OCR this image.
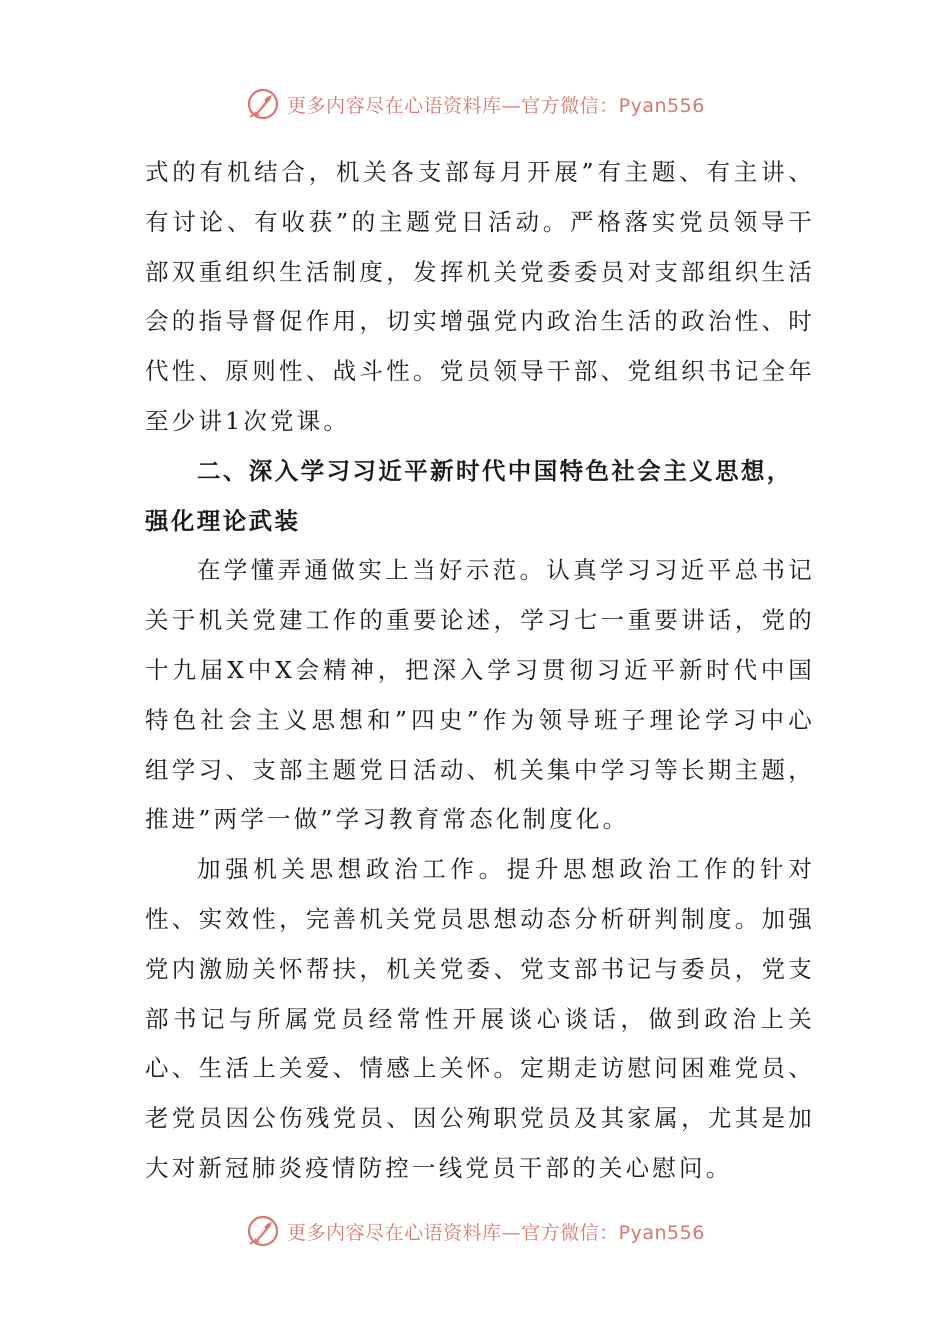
更多内容尽在心语资料库—官方微信：Pyan556

式的有机结合，机关各支部每月开展”有主题、有主讲、有讨论、有收获”的主题党日活动。严格落实党员领导干部双重组织生活制度，发挥机关党委委员对支部组织生活会的指导督促作用，切实增强党内政治生活的政治性、时代性、原则性、战斗性。党员领导干部、党组织书记全年至少讲1次党课。

二、深入学习习近平新时代中国特色社会主义思想，强化理论武装

在学懂弄通做实上当好示范。认真学习习近平总书记关于机关党建工作的重要论述，学习七一重要讲话，党的十九届X中X会精神，把深入学习贯彻习近平新时代中国特色社会主义思想和”四史”作为领导班子理论学习中心组学习、支部主题党日活动、机关集中学习等长期主题，推进”两学一做”学习教育常态化制度化。

加强机关思想政治工作。提升思想政治工作的针对性、实效性，完善机关党员思想动态分析研判制度。加强党内激励关怀帮扶，机关党委、党支部书记与委员，党支部书记与所属党员经常性开展谈心谈话，做到政治上关心、生活上关爱、情感上关怀。定期走访慰问困难党员、老党员因公伤残党员、因公殉职党员及其家属，尤其是加大对新冠肺炎疫情防控一线党员干部的关心慰问。

更多内容尽在心语资料库—官方微信：Pyan556
